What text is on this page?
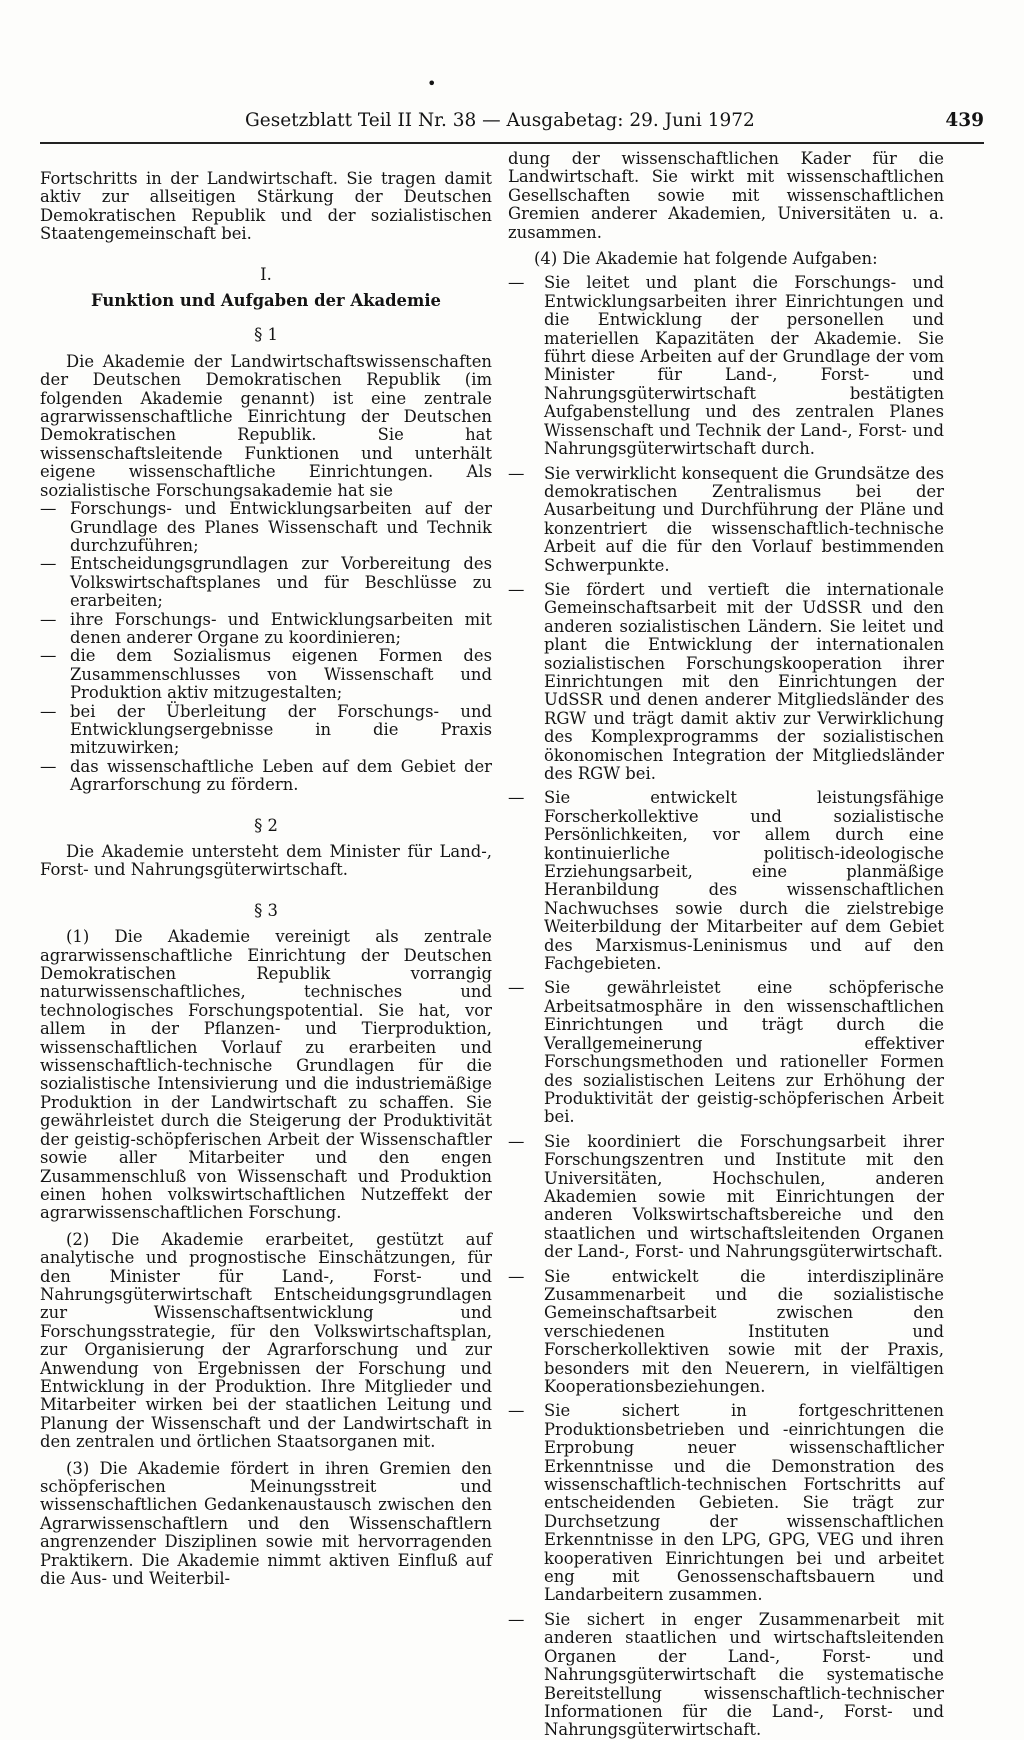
•
Gesetzblatt Teil II Nr. 38 — Ausgabetag: 29. Juni 1972	439

Fortschritts in der Landwirtschaft. Sie tragen damit aktiv zur allseitigen Stärkung der Deutschen Demokratischen Republik und der sozialistischen Staatengemeinschaft bei.

I.

Funktion und Aufgaben der Akademie

§ 1

Die Akademie der Landwirtschaftswissenschaften der Deutschen Demokratischen Republik (im folgenden Akademie genannt) ist eine zentrale agrarwissenschaftliche Einrichtung der Deutschen Demokratischen Republik. Sie hat wissenschaftsleitende Funktionen und unterhält eigene wissenschaftliche Einrichtungen. Als sozialistische Forschungsakademie hat sie

— Forschungs- und Entwicklungsarbeiten auf der Grundlage des Planes Wissenschaft und Technik durchzuführen;
— Entscheidungsgrundlagen zur Vorbereitung des Volkswirtschaftsplanes und für Beschlüsse zu erarbeiten;
— ihre Forschungs- und Entwicklungsarbeiten mit denen anderer Organe zu koordinieren;
— die dem Sozialismus eigenen Formen des Zusammenschlusses von Wissenschaft und Produktion aktiv mitzugestalten;
— bei der Überleitung der Forschungs- und Entwicklungsergebnisse in die Praxis mitzuwirken;
— das wissenschaftliche Leben auf dem Gebiet der Agrarforschung zu fördern.

§ 2

Die Akademie untersteht dem Minister für Land-, Forst- und Nahrungsgüterwirtschaft.

§ 3

(1) Die Akademie vereinigt als zentrale agrarwissenschaftliche Einrichtung der Deutschen Demokratischen Republik vorrangig naturwissenschaftliches, technisches und technologisches Forschungspotential. Sie hat, vor allem in der Pflanzen- und Tierproduktion, wissenschaftlichen Vorlauf zu erarbeiten und wissenschaftlich-technische Grundlagen für die sozialistische Intensivierung und die industriemäßige Produktion in der Landwirtschaft zu schaffen. Sie gewährleistet durch die Steigerung der Produktivität der geistig-schöpferischen Arbeit der Wissenschaftler sowie aller Mitarbeiter und den engen Zusammenschluß von Wissenschaft und Produktion einen hohen volkswirtschaftlichen Nutzeffekt der agrarwissenschaftlichen Forschung.

(2) Die Akademie erarbeitet, gestützt auf analytische und prognostische Einschätzungen, für den Minister für Land-, Forst- und Nahrungsgüterwirtschaft Entscheidungsgrundlagen zur Wissenschaftsentwicklung und Forschungsstrategie, für den Volkswirtschaftsplan, zur Organisierung der Agrarforschung und zur Anwendung von Ergebnissen der Forschung und Entwicklung in der Produktion. Ihre Mitglieder und Mitarbeiter wirken bei der staatlichen Leitung und Planung der Wissenschaft und der Landwirtschaft in den zentralen und örtlichen Staatsorganen mit.

(3) Die Akademie fördert in ihren Gremien den schöpferischen Meinungsstreit und wissenschaftlichen Gedankenaustausch zwischen den Agrarwissenschaftlern und den Wissenschaftlern angrenzender Disziplinen sowie mit hervorragenden Praktikern. Die Akademie nimmt aktiven Einfluß auf die Aus- und Weiterbil-

dung der wissenschaftlichen Kader für die Landwirtschaft. Sie wirkt mit wissenschaftlichen Gesellschaften sowie mit wissenschaftlichen Gremien anderer Akademien, Universitäten u. a. zusammen.

(4) Die Akademie hat folgende Aufgaben:

— Sie leitet und plant die Forschungs- und Entwicklungsarbeiten ihrer Einrichtungen und die Entwicklung der personellen und materiellen Kapazitäten der Akademie. Sie führt diese Arbeiten auf der Grundlage der vom Minister für Land-, Forst- und Nahrungsgüterwirtschaft bestätigten Aufgabenstellung und des zentralen Planes Wissenschaft und Technik der Land-, Forst- und Nahrungsgüterwirtschaft durch.
— Sie verwirklicht konsequent die Grundsätze des demokratischen Zentralismus bei der Ausarbeitung und Durchführung der Pläne und konzentriert die wissenschaftlich-technische Arbeit auf die für den Vorlauf bestimmenden Schwerpunkte.
— Sie fördert und vertieft die internationale Gemeinschaftsarbeit mit der UdSSR und den anderen sozialistischen Ländern. Sie leitet und plant die Entwicklung der internationalen sozialistischen Forschungskooperation ihrer Einrichtungen mit den Einrichtungen der UdSSR und denen anderer Mitgliedsländer des RGW und trägt damit aktiv zur Verwirklichung des Komplexprogramms der sozialistischen ökonomischen Integration der Mitgliedsländer des RGW bei.
— Sie entwickelt leistungsfähige Forscherkollektive und sozialistische Persönlichkeiten, vor allem durch eine kontinuierliche politisch-ideologische Erziehungsarbeit, eine planmäßige Heranbildung des wissenschaftlichen Nachwuchses sowie durch die zielstrebige Weiterbildung der Mitarbeiter auf dem Gebiet des Marxismus-Leninismus und auf den Fachgebieten.
— Sie gewährleistet eine schöpferische Arbeitsatmosphäre in den wissenschaftlichen Einrichtungen und trägt durch die Verallgemeinerung effektiver Forschungsmethoden und rationeller Formen des sozialistischen Leitens zur Erhöhung der Produktivität der geistig-schöpferischen Arbeit bei.
— Sie koordiniert die Forschungsarbeit ihrer Forschungszentren und Institute mit den Universitäten, Hochschulen, anderen Akademien sowie mit Einrichtungen der anderen Volkswirtschaftsbereiche und den staatlichen und wirtschaftsleitenden Organen der Land-, Forst- und Nahrungsgüterwirtschaft.
— Sie entwickelt die interdisziplinäre Zusammenarbeit und die sozialistische Gemeinschaftsarbeit zwischen den verschiedenen Instituten und Forscherkollektiven sowie mit der Praxis, besonders mit den Neuerern, in vielfältigen Kooperationsbeziehungen.
— Sie sichert in fortgeschrittenen Produktionsbetrieben und -einrichtungen die Erprobung neuer wissenschaftlicher Erkenntnisse und die Demonstration des wissenschaftlich-technischen Fortschritts auf entscheidenden Gebieten. Sie trägt zur Durchsetzung der wissenschaftlichen Erkenntnisse in den LPG, GPG, VEG und ihren kooperativen Einrichtungen bei und arbeitet eng mit Genossenschaftsbauern und Landarbeitern zusammen.
— Sie sichert in enger Zusammenarbeit mit anderen staatlichen und wirtschaftsleitenden Organen der Land-, Forst- und Nahrungsgüterwirtschaft die systematische Bereitstellung wissenschaftlich-technischer Informationen für die Land-, Forst- und Nahrungsgüterwirtschaft.
